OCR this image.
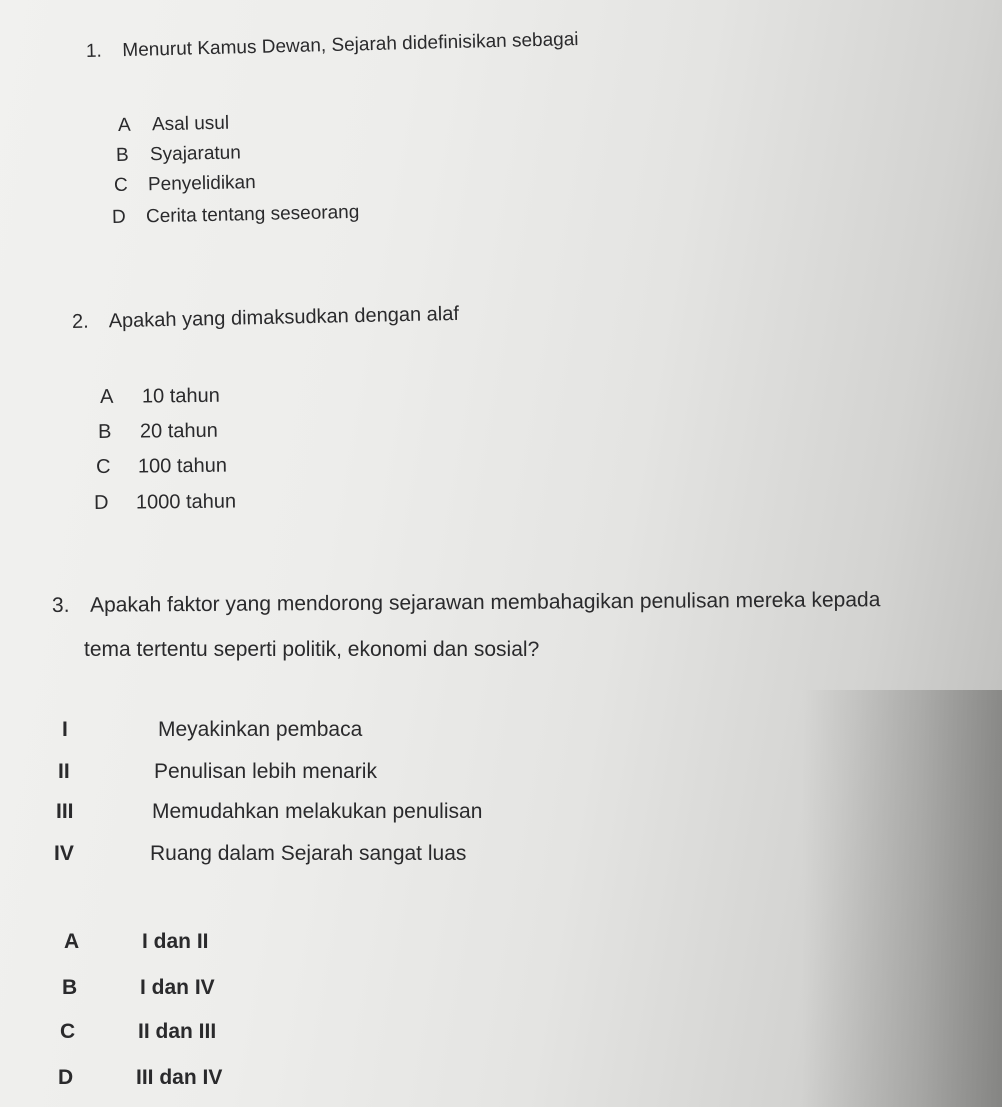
1. Menurut Kamus Dewan, Sejarah didefinisikan sebagai
A Asal usul
B Syajaratun
C Penyelidikan
D Cerita tentang seseorang
2. Apakah yang dimaksudkan dengan alaf
A 10 tahun
B 20 tahun
C 100 tahun
D 1000 tahun
3. Apakah faktor yang mendorong sejarawan membahagikan penulisan mereka kepada
tema tertentu seperti politik, ekonomi dan sosial?
I	Meyakinkan pembaca
II	Penulisan lebih menarik
III	Memudahkan melakukan penulisan
IV	Ruang dalam Sejarah sangat luas
A	I dan II
B	I dan IV
C	II dan III
D	III dan IV
